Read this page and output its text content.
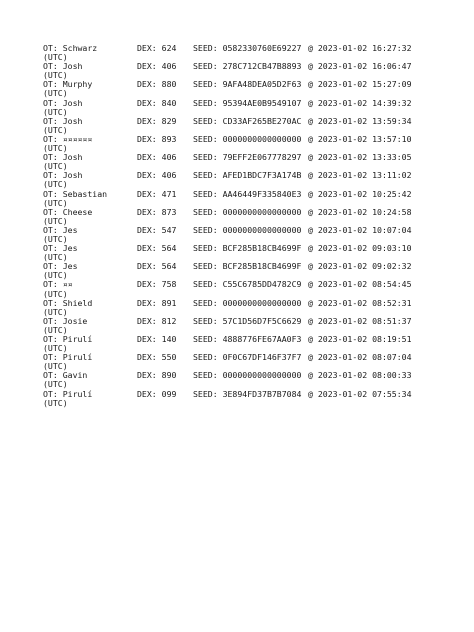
OT: Schwarz	DEX: 624 SEED: 0582330760E69227 @ 2023-01-02 16:27:32
(UTC)
OT: Josh	DEX: 406 SEED: 278C712CB47B8893 @ 2023-01-02 16:06:47
(UTC)
OT: Murphy	DEX: 880 SEED: 9AFA48DEA05D2F63 @ 2023-01-02 15:27:09
(UTC)
OT: Josh	DEX: 840 SEED: 95394AE0B9549107 @ 2023-01-02 14:39:32
(UTC)
OT: Josh	DEX: 829 SEED: CD33AF265BE270AC @ 2023-01-02 13:59:34
(UTC)
OT: ¤¤¤¤¤¤	DEX: 893 SEED: 0000000000000000 @ 2023-01-02 13:57:10
(UTC)
OT: Josh	DEX: 406 SEED: 79EFF2E067778297 @ 2023-01-02 13:33:05
(UTC)
OT: Josh	DEX: 406 SEED: AFED1BDC7F3A174B @ 2023-01-02 13:11:02
(UTC)
OT: Sebastian	DEX: 471 SEED: AA46449F335840E3 @ 2023-01-02 10:25:42
(UTC)
OT: Cheese	DEX: 873 SEED: 0000000000000000 @ 2023-01-02 10:24:58
(UTC)
OT: Jes	DEX: 547 SEED: 0000000000000000 @ 2023-01-02 10:07:04
(UTC)
OT: Jes	DEX: 564 SEED: BCF285B18CB4699F @ 2023-01-02 09:03:10
(UTC)
OT: Jes	DEX: 564 SEED: BCF285B18CB4699F @ 2023-01-02 09:02:32
(UTC)
OT: ¤¤	DEX: 758 SEED: C55C6785DD4782C9 @ 2023-01-02 08:54:45
(UTC)
OT: Shield	DEX: 891 SEED: 0000000000000000 @ 2023-01-02 08:52:31
(UTC)
OT: Josie	DEX: 812 SEED: 57C1D56D7F5C6629 @ 2023-01-02 08:51:37
(UTC)
OT: Pirulí	DEX: 140 SEED: 4888776FE67AA0F3 @ 2023-01-02 08:19:51
(UTC)
OT: Pirulí	DEX: 550 SEED: 0F0C67DF146F37F7 @ 2023-01-02 08:07:04
(UTC)
OT: Gavin	DEX: 890 SEED: 0000000000000000 @ 2023-01-02 08:00:33
(UTC)
OT: Pirulí	DEX: 099 SEED: 3E894FD37B7B7084 @ 2023-01-02 07:55:34
(UTC)
